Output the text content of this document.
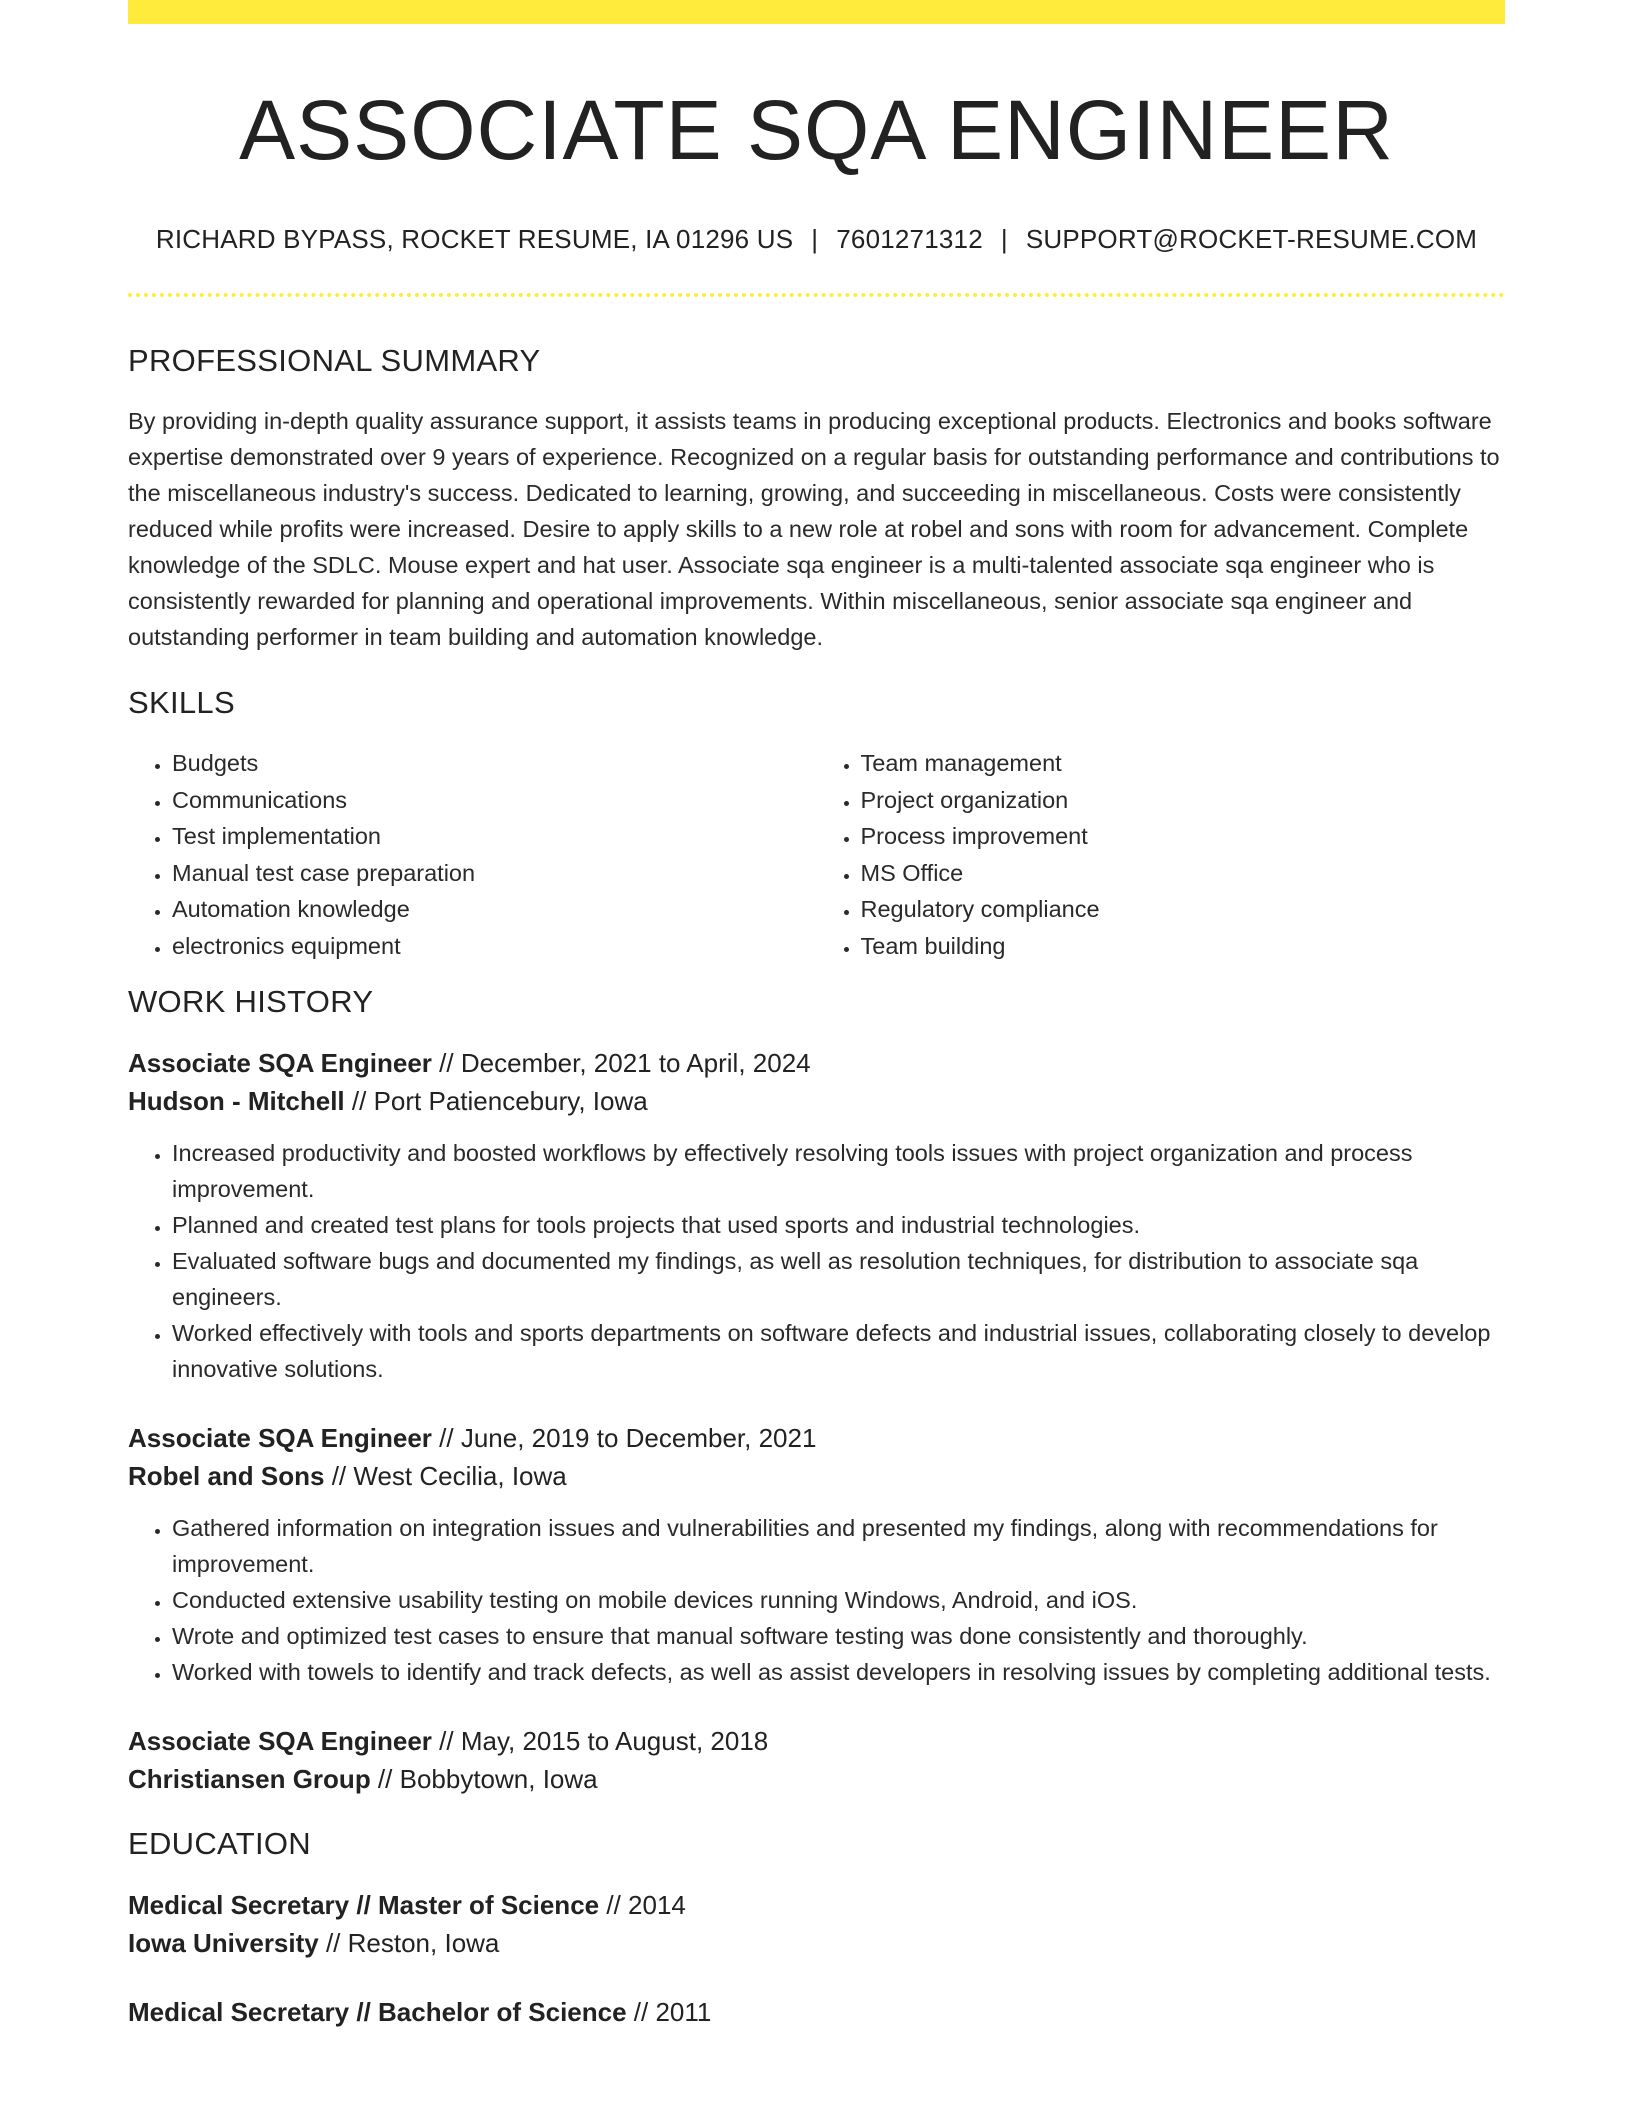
ASSOCIATE SQA ENGINEER
RICHARD BYPASS, ROCKET RESUME, IA 01296 US | 7601271312 | SUPPORT@ROCKET-RESUME.COM
PROFESSIONAL SUMMARY

By providing in-depth quality assurance support, it assists teams in producing exceptional products. Electronics and books software expertise demonstrated over 9 years of experience. Recognized on a regular basis for outstanding performance and contributions to the miscellaneous industry's success. Dedicated to learning, growing, and succeeding in miscellaneous. Costs were consistently reduced while profits were increased. Desire to apply skills to a new role at robel and sons with room for advancement. Complete knowledge of the SDLC. Mouse expert and hat user. Associate sqa engineer is a multi-talented associate sqa engineer who is consistently rewarded for planning and operational improvements. Within miscellaneous, senior associate sqa engineer and outstanding performer in team building and automation knowledge.

SKILLS
• Budgets
• Communications
• Test implementation
• Manual test case preparation
• Automation knowledge
• electronics equipment
• Team management
• Project organization
• Process improvement
• MS Office
• Regulatory compliance
• Team building
WORK HISTORY
Associate SQA Engineer // December, 2021 to April, 2024
Hudson - Mitchell // Port Patiencebury, Iowa
• Increased productivity and boosted workflows by effectively resolving tools issues with project organization and process improvement.
• Planned and created test plans for tools projects that used sports and industrial technologies.
• Evaluated software bugs and documented my findings, as well as resolution techniques, for distribution to associate sqa engineers.
• Worked effectively with tools and sports departments on software defects and industrial issues, collaborating closely to develop innovative solutions.
Associate SQA Engineer // June, 2019 to December, 2021
Robel and Sons // West Cecilia, Iowa
• Gathered information on integration issues and vulnerabilities and presented my findings, along with recommendations for improvement.
• Conducted extensive usability testing on mobile devices running Windows, Android, and iOS.
• Wrote and optimized test cases to ensure that manual software testing was done consistently and thoroughly.
• Worked with towels to identify and track defects, as well as assist developers in resolving issues by completing additional tests.
Associate SQA Engineer // May, 2015 to August, 2018
Christiansen Group // Bobbytown, Iowa
EDUCATION
Medical Secretary // Master of Science // 2014
Iowa University // Reston, Iowa
Medical Secretary // Bachelor of Science // 2011
